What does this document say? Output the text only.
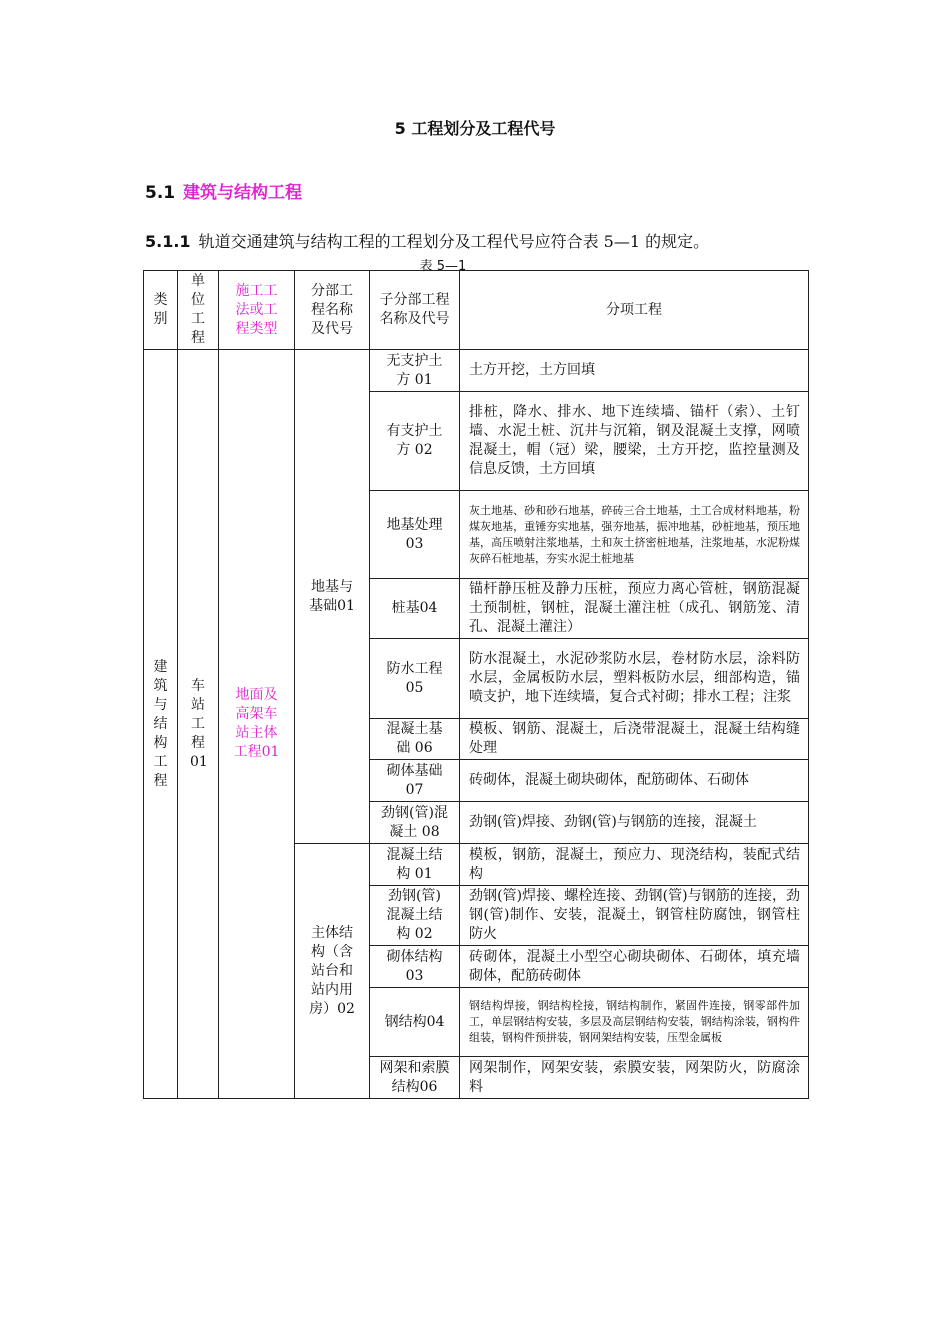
5 工程划分及工程代号
5.1 建筑与结构工程
5.1.1 轨道交通建筑与结构工程的工程划分及工程代号应符合表 5—1 的规定。
表 5—1
类别	单位工程	施工工法或工程类型	分部工程名称及代号	子分部工程名称及代号	分项工程

建筑与结构工程	车站工程01	地面及高架车站主体工程01	地基与基础01	无支护土方 01	土方开挖，土方回填

				有支护土方 02	排桩，降水、排水、地下连续墙、锚杆（索）、土钉墙、水泥土桩、沉井与沉箱，钢及混凝土支撑，网喷混凝土，帽（冠）梁，腰梁，土方开挖，监控量测及信息反馈，土方回填

				地基处理03	灰土地基、砂和砂石地基，碎砖三合土地基，土工合成材料地基，粉煤灰地基，重锤夯实地基，强夯地基，振冲地基，砂桩地基，预压地基，高压喷射注浆地基，土和灰土挤密桩地基，注浆地基，水泥粉煤灰碎石桩地基，夯实水泥土桩地基

				桩基04	锚杆静压桩及静力压桩，预应力离心管桩，钢筋混凝土预制桩，钢桩，混凝土灌注桩（成孔、钢筋笼、清孔、混凝土灌注）

				防水工程05	防水混凝土，水泥砂浆防水层，卷材防水层，涂料防水层，金属板防水层，塑料板防水层，细部构造，锚喷支护，地下连续墙，复合式衬砌；排水工程；注浆

				混凝土基础 06	模板、钢筋、混凝土，后浇带混凝土，混凝土结构缝处理

				砌体基础07	砖砌体，混凝土砌块砌体，配筋砌体、石砌体

				劲钢(管)混凝土 08	劲钢(管)焊接、劲钢(管)与钢筋的连接，混凝土

			主体结构（含站台和站内用房）02	混凝土结构 01	模板，钢筋，混凝土，预应力、现浇结构，装配式结构

				劲钢(管)混凝土结构 02	劲钢(管)焊接、螺栓连接、劲钢(管)与钢筋的连接，劲钢(管)制作、安装，混凝土，钢管柱防腐蚀，钢管柱防火

				砌体结构03	砖砌体，混凝土小型空心砌块砌体、石砌体，填充墙砌体，配筋砖砌体

				钢结构04	钢结构焊接，钢结构栓接，钢结构制作，紧固件连接，钢零部件加工，单层钢结构安装，多层及高层钢结构安装，钢结构涂装，钢构件组装，钢构件预拼装，钢网架结构安装，压型金属板

				网架和索膜结构06	网架制作，网架安装，索膜安装，网架防火，防腐涂料
